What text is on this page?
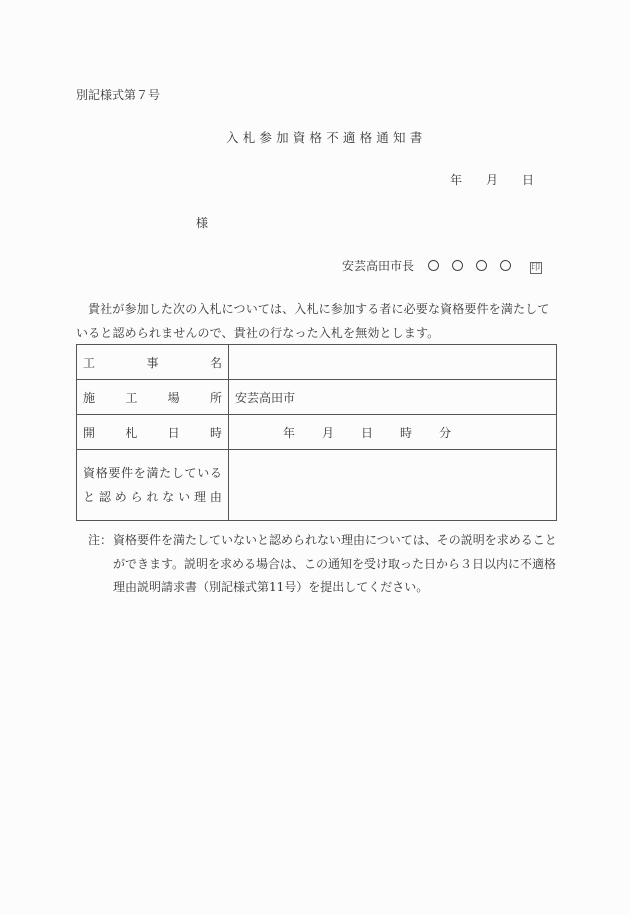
別記様式第７号
入札参加資格不適格通知書
年 月 日
様
安芸高田市長	印
貴社が参加した次の入札については、入札に参加する者に必要な資格要件を満たしていると認められませんので、貴社の行なった入札を無効とします。
工 事 名	

施 工 場 所	安芸高田市

開 札 日 時	年 月 日 時 分

資 格 要 件 を 満 た し て い る
と 認 め ら れ な い 理 由

注： 資格要件を満たしていないと認められない理由については、その説明を求めることができます。説明を求める場合は、この通知を受け取った日から３日以内に不適格理由説明請求書（別記様式第11号）を提出してください。
